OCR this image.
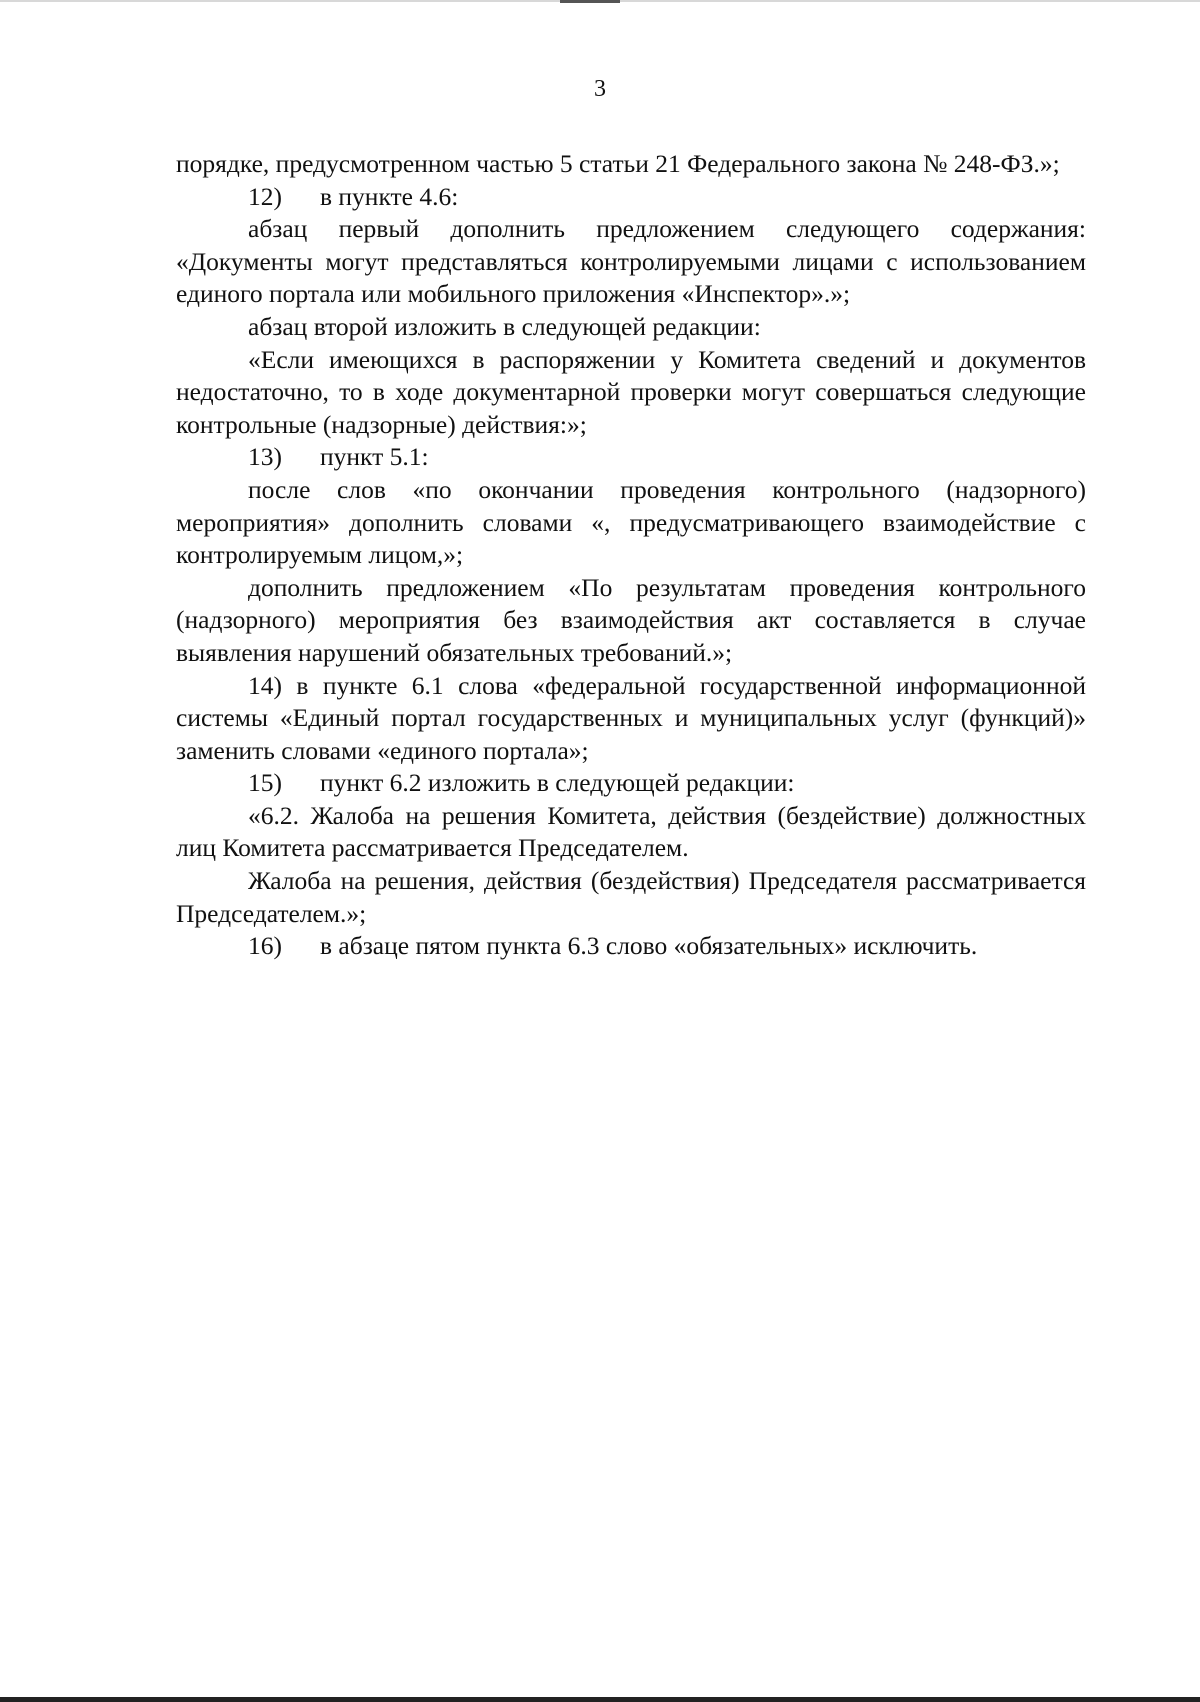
3

порядке, предусмотренном частью 5 статьи 21 Федерального закона № 248-ФЗ.»;

12)	в пункте 4.6:

абзац первый дополнить предложением следующего содержания: «Документы могут представляться контролируемыми лицами с использованием единого портала или мобильного приложения «Инспектор».»;

абзац второй изложить в следующей редакции:

«Если имеющихся в распоряжении у Комитета сведений и документов недостаточно, то в ходе документарной проверки могут совершаться следующие контрольные (надзорные) действия:»;

13)	пункт 5.1:

после слов «по окончании проведения контрольного (надзорного) мероприятия» дополнить словами «, предусматривающего взаимодействие с контролируемым лицом,»;

дополнить предложением «По результатам проведения контрольного (надзорного) мероприятия без взаимодействия акт составляется в случае выявления нарушений обязательных требований.»;

14) в пункте 6.1 слова «федеральной государственной информационной системы «Единый портал государственных и муниципальных услуг (функций)» заменить словами «единого портала»;

15)	пункт 6.2 изложить в следующей редакции:

«6.2. Жалоба на решения Комитета, действия (бездействие) должностных лиц Комитета рассматривается Председателем.

Жалоба на решения, действия (бездействия) Председателя рассматривается Председателем.»;

16)	в абзаце пятом пункта 6.3 слово «обязательных» исключить.
